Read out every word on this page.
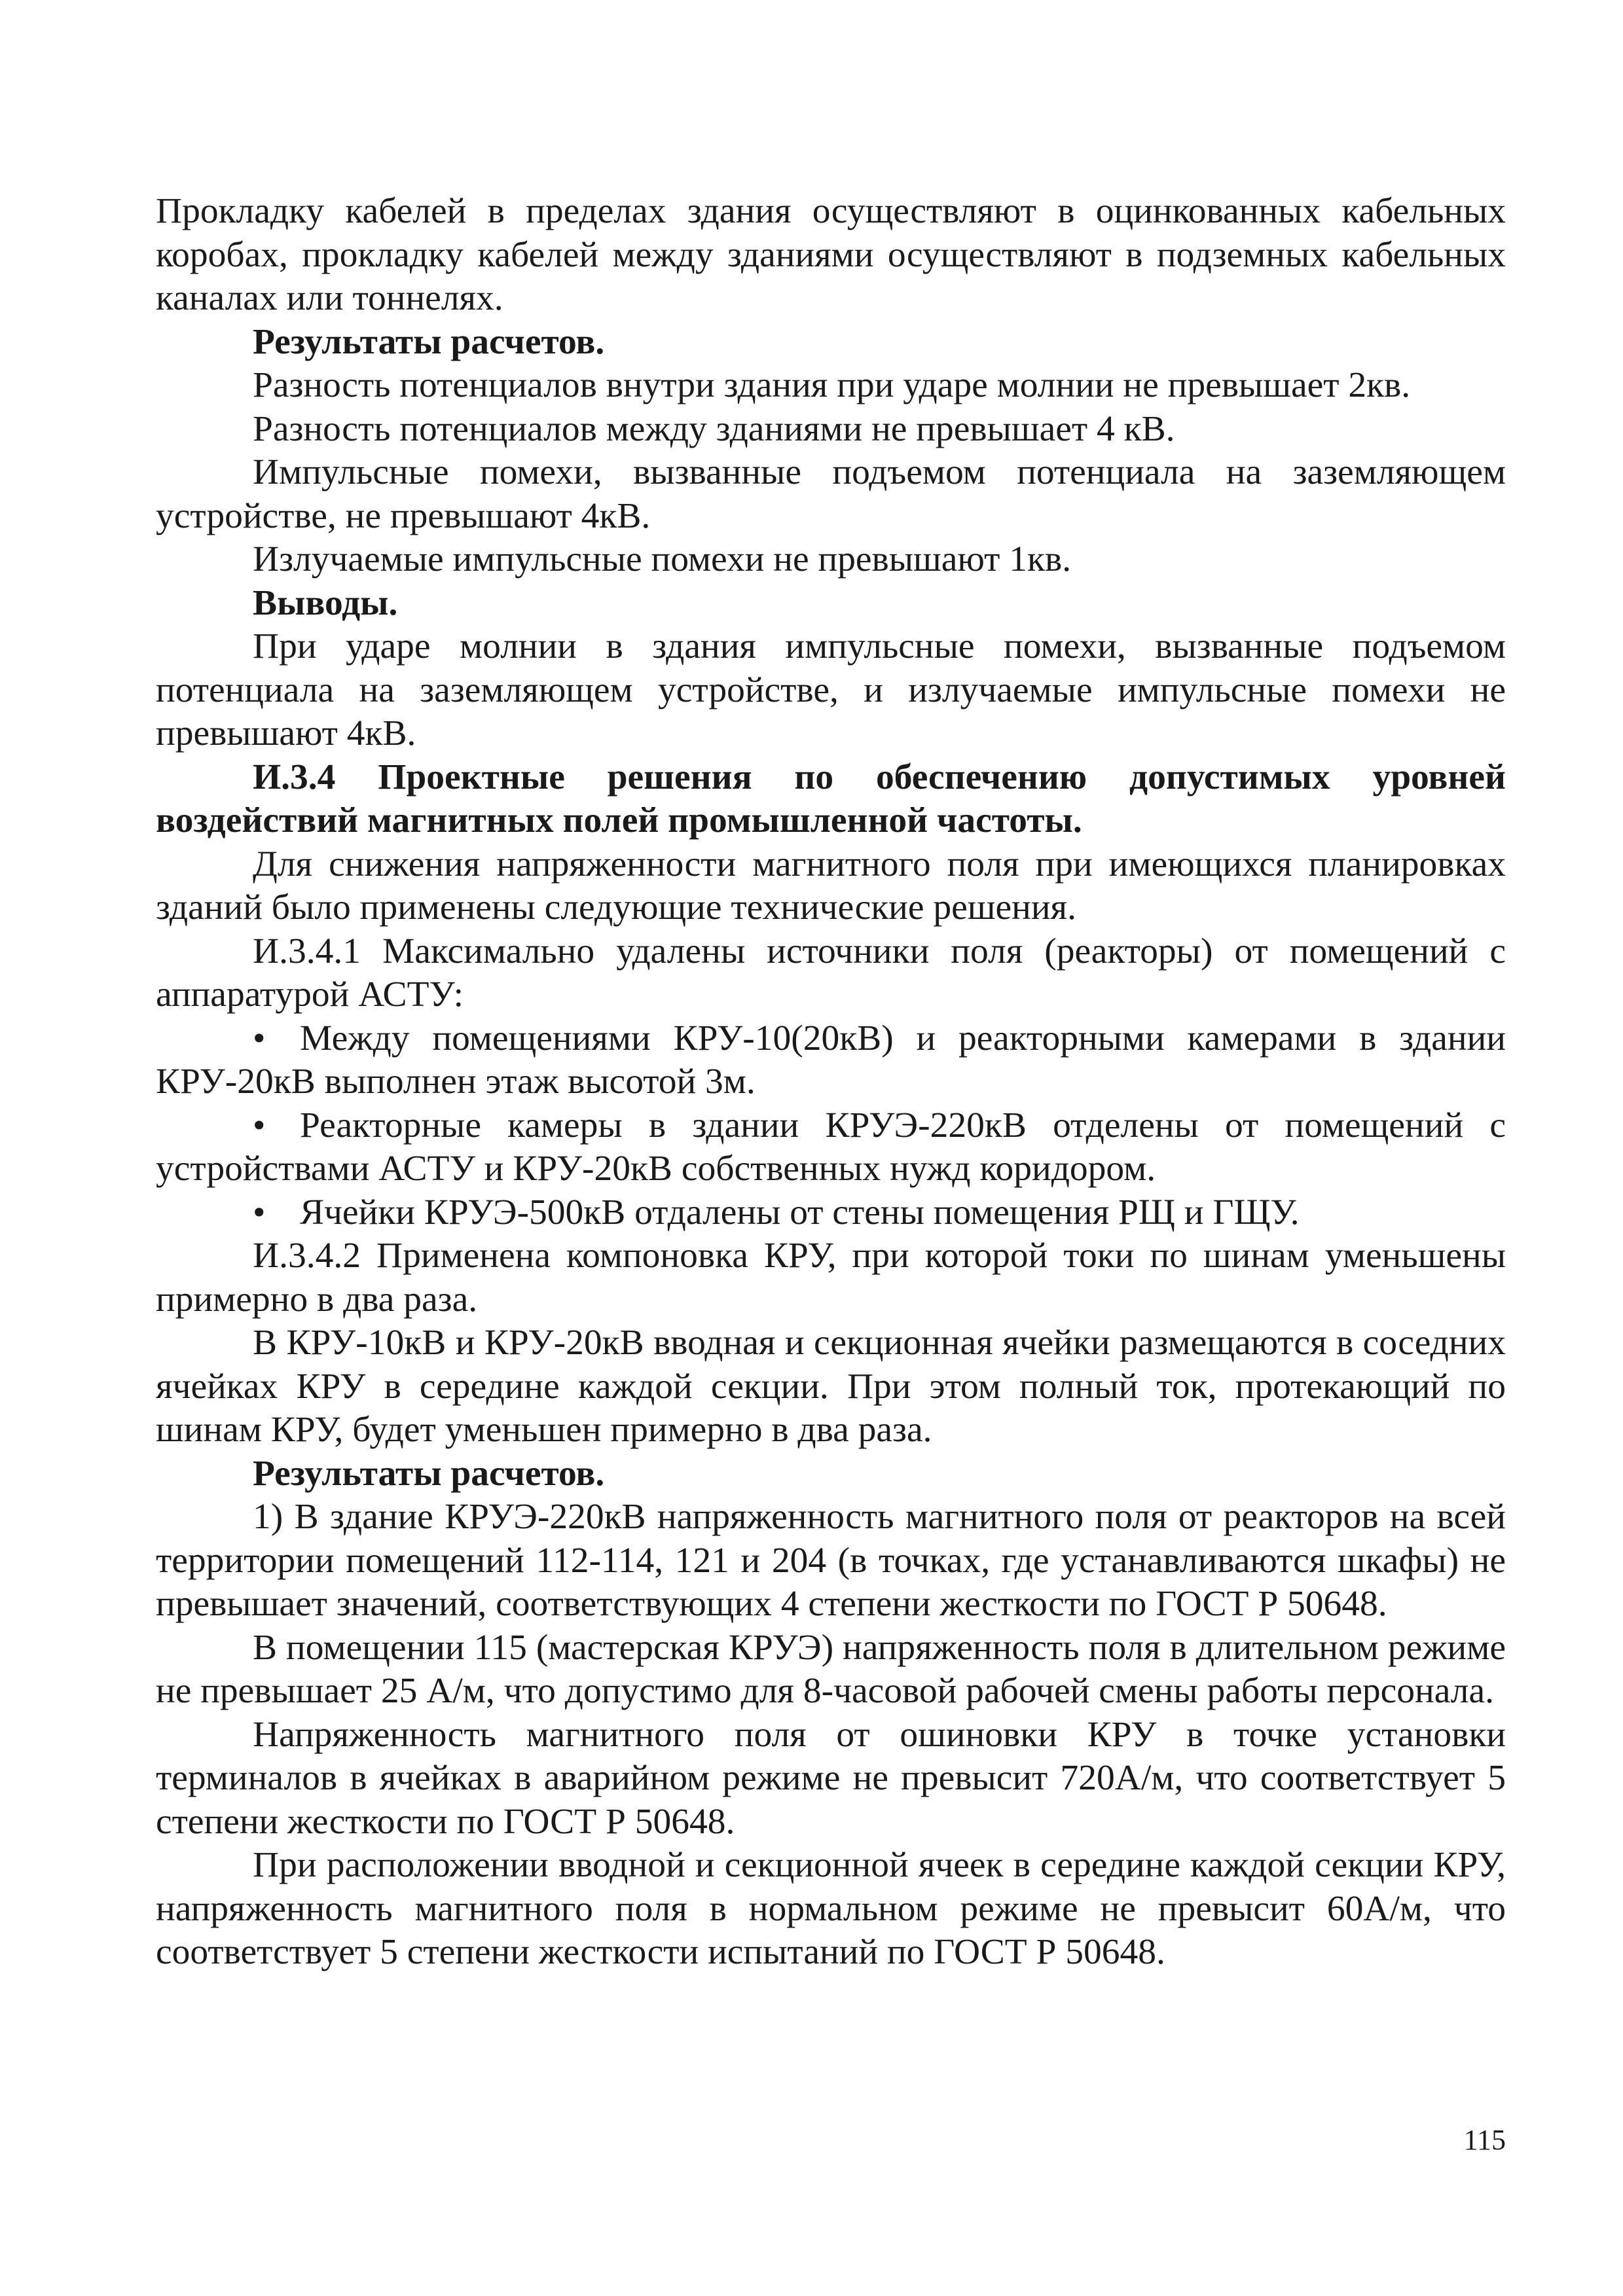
Прокладку кабелей в пределах здания осуществляют в оцинкованных кабельных коробах, прокладку кабелей между зданиями осуществляют в подземных кабельных каналах или тоннелях.

Результаты расчетов.

Разность потенциалов внутри здания при ударе молнии не превышает 2кв.

Разность потенциалов между зданиями не превышает 4 кВ.

Импульсные помехи, вызванные подъемом потенциала на заземляющем устройстве, не превышают 4кВ.

Излучаемые импульсные помехи не превышают 1кв.

Выводы.

При ударе молнии в здания импульсные помехи, вызванные подъемом потенциала на заземляющем устройстве, и излучаемые импульсные помехи не превышают 4кВ.

И.3.4 Проектные решения по обеспечению допустимых уровней воздействий магнитных полей промышленной частоты.

Для снижения напряженности магнитного поля при имеющихся планировках зданий было применены следующие технические решения.

И.3.4.1 Максимально удалены источники поля (реакторы) от помещений с аппаратурой АСТУ:

• Между помещениями КРУ-10(20кВ) и реакторными камерами в здании КРУ-20кВ выполнен этаж высотой 3м.

• Реакторные камеры в здании КРУЭ-220кВ отделены от помещений с устройствами АСТУ и КРУ-20кВ собственных нужд коридором.

• Ячейки КРУЭ-500кВ отдалены от стены помещения РЩ и ГЩУ.

И.3.4.2 Применена компоновка КРУ, при которой токи по шинам уменьшены примерно в два раза.

В КРУ-10кВ и КРУ-20кВ вводная и секционная ячейки размещаются в соседних ячейках КРУ в середине каждой секции. При этом полный ток, протекающий по шинам КРУ, будет уменьшен примерно в два раза.

Результаты расчетов.

1) В здание КРУЭ-220кВ напряженность магнитного поля от реакторов на всей территории помещений 112-114, 121 и 204 (в точках, где устанавливаются шкафы) не превышает значений, соответствующих 4 степени жесткости по ГОСТ Р 50648.

В помещении 115 (мастерская КРУЭ) напряженность поля в длительном режиме не превышает 25 А/м, что допустимо для 8-часовой рабочей смены работы персонала.

Напряженность магнитного поля от ошиновки КРУ в точке установки терминалов в ячейках в аварийном режиме не превысит 720А/м, что соответствует 5 степени жесткости по ГОСТ Р 50648.

При расположении вводной и секционной ячеек в середине каждой секции КРУ, напряженность магнитного поля в нормальном режиме не превысит 60А/м, что соответствует 5 степени жесткости испытаний по ГОСТ Р 50648.

115
